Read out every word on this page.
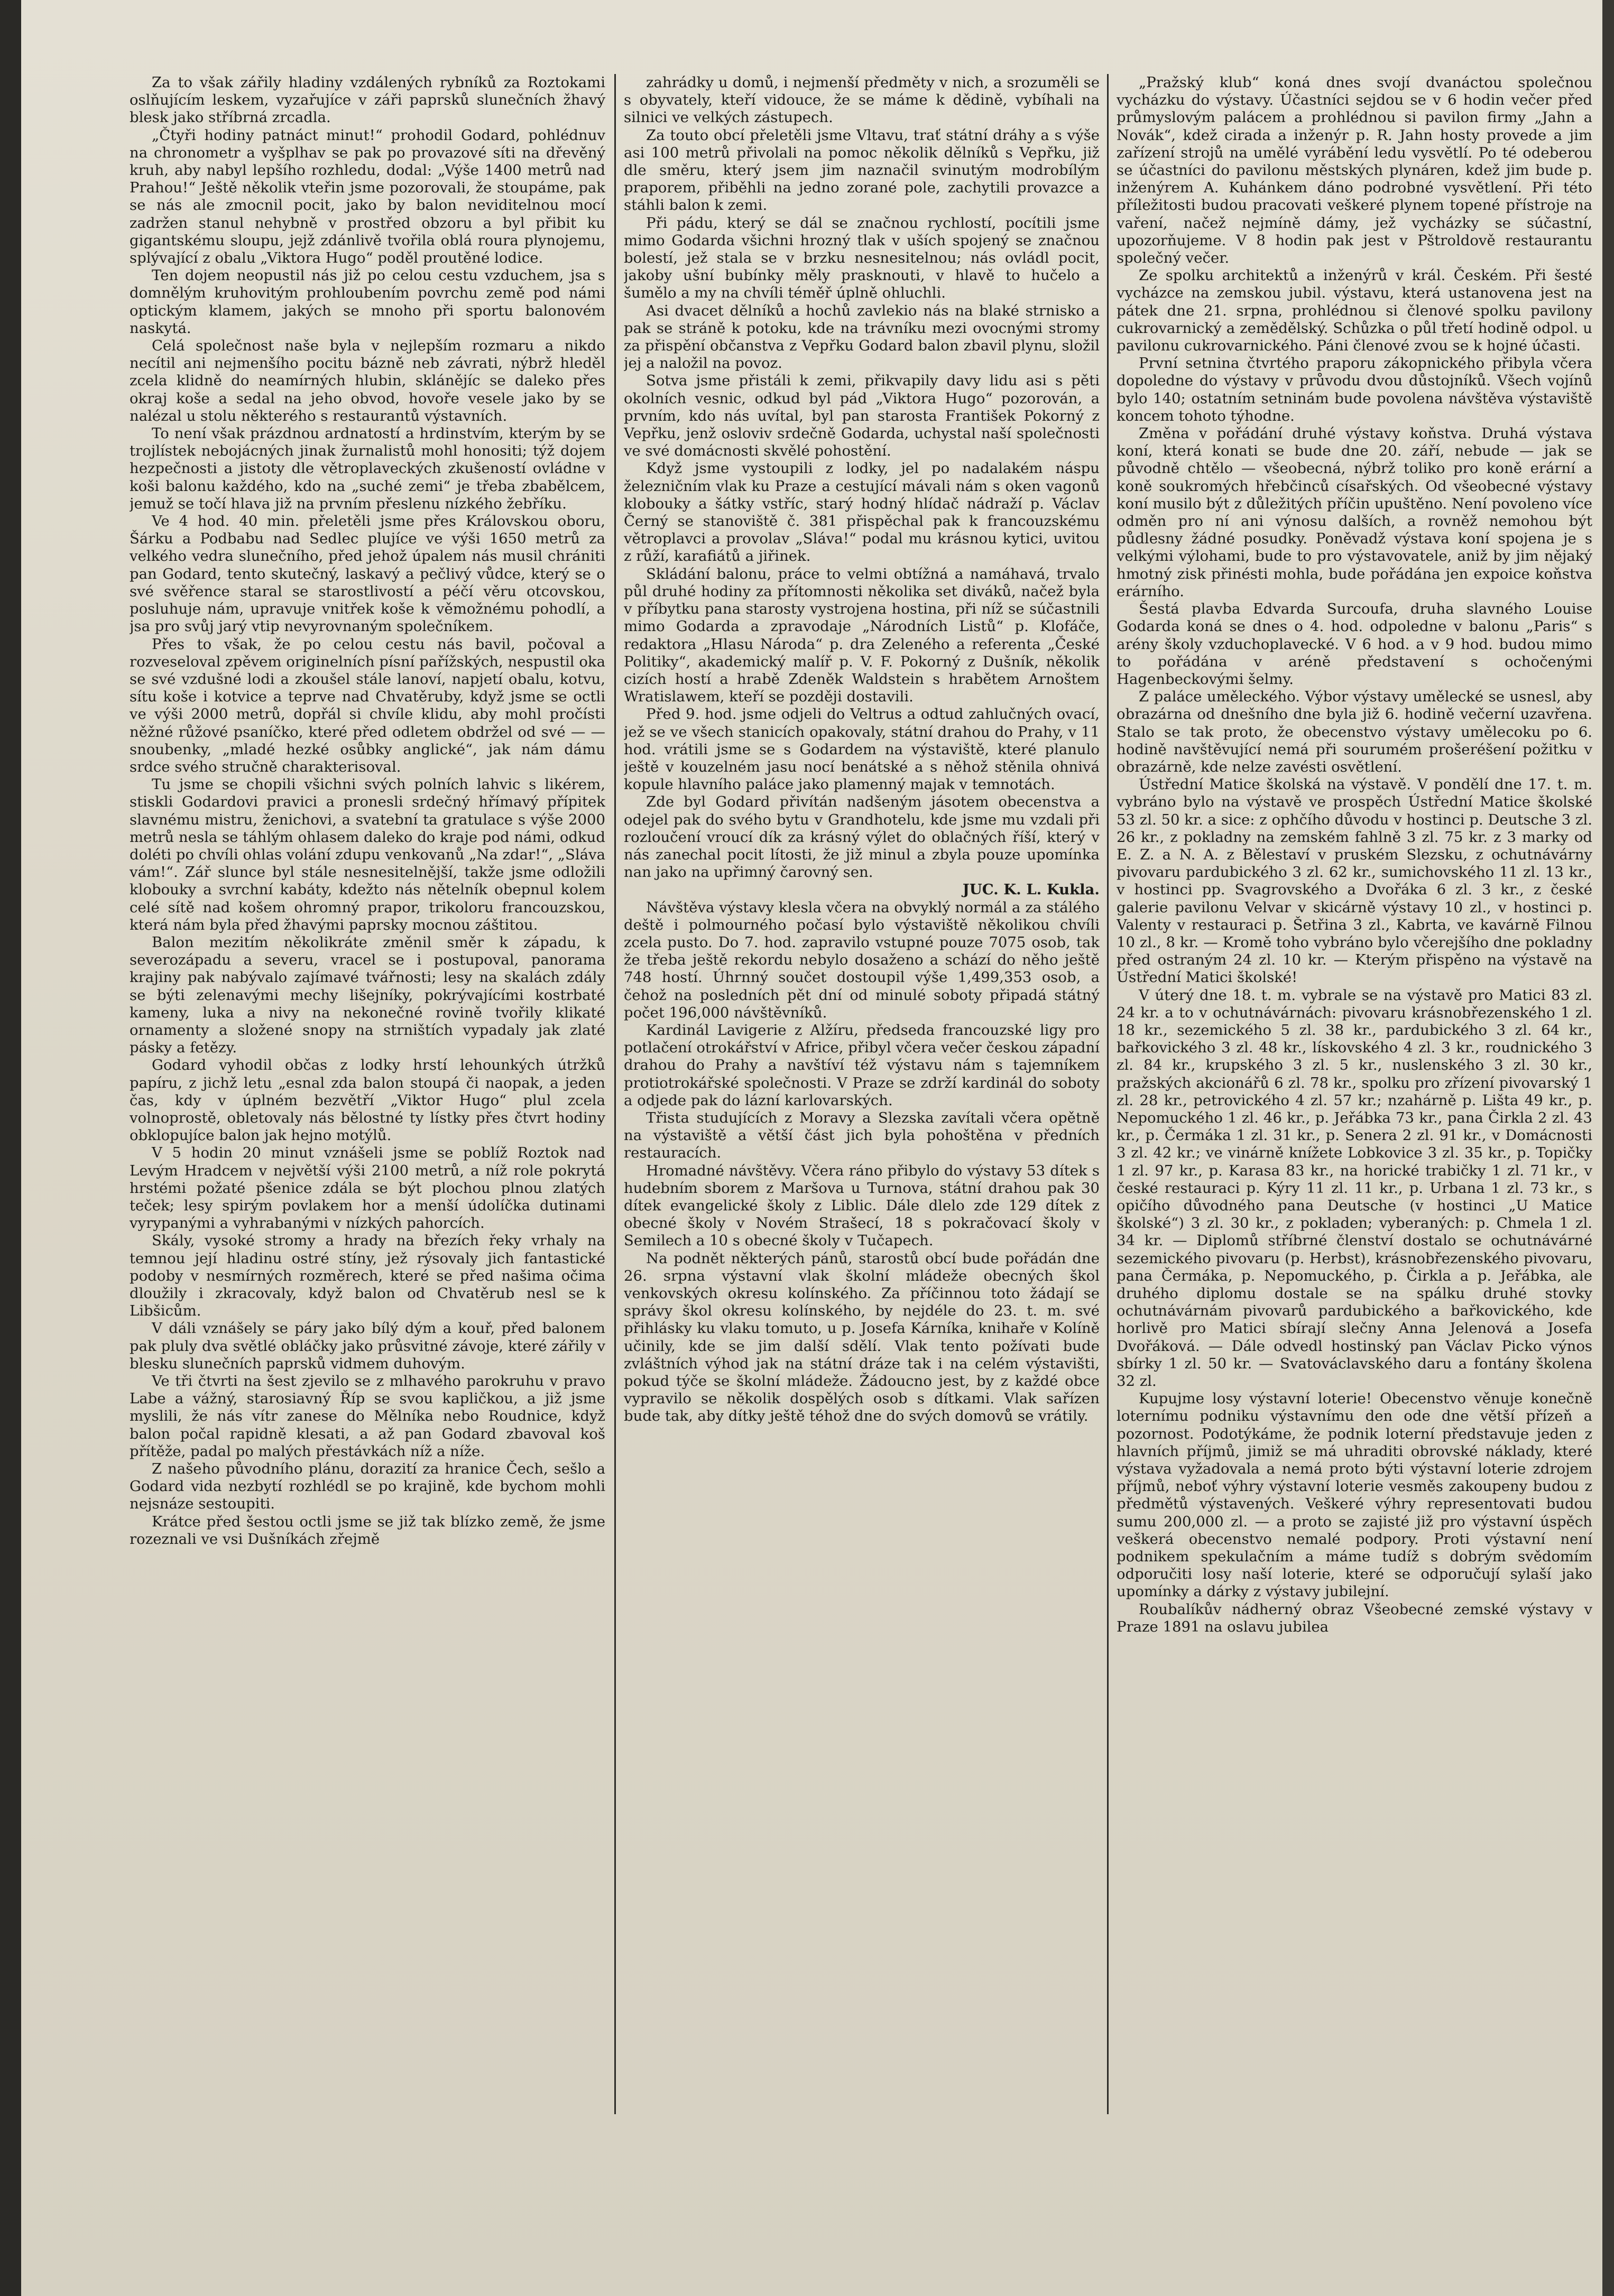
Za to však zářily hladiny vzdálených rybníků za Roztokami oslňujícím leskem, vyzařujíce v záři paprsků slunečních žhavý blesk jako stříbrná zrcadla.

„Čtyři hodiny patnáct minut!“ prohodil Godard, pohlédnuv na chronometr a vyšplhav se pak po provazové síti na dřevěný kruh, aby nabyl lepšího rozhledu, dodal: „Výše 1400 metrů nad Prahou!“ Ještě několik vteřin jsme pozorovali, že stoupáme, pak se nás ale zmocnil pocit, jako by balon neviditelnou mocí zadržen stanul nehybně v prostřed obzoru a byl přibit ku gigantskému sloupu, jejž zdánlivě tvořila oblá roura plynojemu, splývající z obalu „Viktora Hugo“ poděl proutěné lodice.

Ten dojem neopustil nás již po celou cestu vzduchem, jsa s domnělým kruhovitým prohloubením povrchu země pod námi optickým klamem, jakých se mnoho při sportu balonovém naskytá.

Celá společnost naše byla v nejlepším rozmaru a nikdo necítil ani nejmenšího pocitu bázně neb závrati, nýbrž hleděl zcela klidně do neamírných hlubin, sklánějíc se daleko přes okraj koše a sedal na jeho obvod, hovoře vesele jako by se nalézal u stolu některého s restaurantů výstavních.

To není však prázdnou ardnatostí a hrdinstvím, kterým by se trojlístek nebojácných jinak žurnalistů mohl honositi; týž dojem hezpečnosti a jistoty dle větroplaveckých zkušeností ovládne v koši balonu každého, kdo na „suché zemi“ je třeba zbabělcem, jemuž se točí hlava již na prvním přeslenu nízkého žebříku.

Ve 4 hod. 40 min. přeletěli jsme přes Královskou oboru, Šárku a Podbabu nad Sedlec plujíce ve výši 1650 metrů za velkého vedra slunečního, před jehož úpalem nás musil chrániti pan Godard, tento skutečný, laskavý a pečlivý vůdce, který se o své svěřence staral se starostlivostí a péčí věru otcovskou, posluhuje nám, upravuje vnitřek koše k věmožnému pohodlí, a jsa pro svůj jarý vtip nevyrovnaným společníkem.

Přes to však, že po celou cestu nás bavil, počoval a rozveseloval zpěvem originelních písní pařížských, nespustil oka se své vzdušné lodi a zkoušel stále lanoví, napjetí obalu, kotvu, sítu koše i kotvice a teprve nad Chvatěruby, když jsme se octli ve výši 2000 metrů, dopřál si chvíle klidu, aby mohl pročísti něžné růžové psaníčko, které před odletem obdržel od své — — snoubenky, „mladé hezké osůbky anglické“, jak nám dámu srdce svého stručně charakterisoval.

Tu jsme se chopili všichni svých polních lahvic s likérem, stiskli Godardovi pravici a pronesli srdečný hřímavý přípitek slavnému mistru, ženichovi, a svatební ta gratulace s výše 2000 metrů nesla se táhlým ohlasem daleko do kraje pod námi, odkud doléti po chvíli ohlas volání zdupu venkovanů „Na zdar!“, „Sláva vám!“. Zář slunce byl stále nesnesitelnější, takže jsme odložili klobouky a svrchní kabáty, kdežto nás nětelník obepnul kolem celé sítě nad košem ohromný prapor, trikoloru francouzskou, která nám byla před žhavými paprsky mocnou záštitou.

Balon mezitím několikráte změnil směr k západu, k severozápadu a severu, vracel se i postupoval, panorama krajiny pak nabývalo zajímavé tvářnosti; lesy na skalách zdály se býti zelenavými mechy lišejníky, pokrývajícími kostrbaté kameny, luka a nivy na nekonečné rovině tvořily klikaté ornamenty a složené snopy na strništích vypadaly jak zlaté pásky a fetězy.

Godard vyhodil občas z lodky hrstí lehounkých útržků papíru, z jichž letu „esnal zda balon stoupá či naopak, a jeden čas, kdy v úplném bezvětří „Viktor Hugo“ plul zcela volnoprostě, obletovaly nás bělostné ty lístky přes čtvrt hodiny obklopujíce balon jak hejno motýlů.

V 5 hodin 20 minut vznášeli jsme se poblíž Roztok nad Levým Hradcem v největší výši 2100 metrů, a níž role pokrytá hrstémi požaté pšenice zdála se být plochou plnou zlatých teček; lesy spirým povlakem hor a menší údolíčka dutinami vyrypanými a vyhrabanými v nízkých pahorcích.

Skály, vysoké stromy a hrady na březích řeky vrhaly na temnou její hladinu ostré stíny, jež rýsovaly jich fantastické podoby v nesmírných rozměrech, které se před našima očima dloužily i zkracovaly, když balon od Chvatěrub nesl se k Libšicům.

V dáli vznášely se páry jako bílý dým a kouř, před balonem pak pluly dva světlé obláčky jako průsvitné závoje, které zářily v blesku slunečních paprsků vidmem duhovým.

Ve tři čtvrti na šest zjevilo se z mlhavého parokruhu v pravo Labe a vážný, starosiavný Říp se svou kapličkou, a již jsme myslili, že nás vítr zanese do Mělníka nebo Roudnice, když balon počal rapidně klesati, a až pan Godard zbavoval koš přítěže, padal po malých přestávkách níž a níže.

Z našeho původního plánu, dorazití za hranice Čech, sešlo a Godard vida nezbytí rozhlédl se po krajině, kde bychom mohli nejsnáze sestoupiti.

Krátce před šestou octli jsme se již tak blízko země, že jsme rozeznali ve vsi Dušníkách zřejmě

zahrádky u domů, i nejmenší předměty v nich, a srozuměli se s obyvately, kteří vidouce, že se máme k dědině, vybíhali na silnici ve velkých zástupech.

Za touto obcí přeletěli jsme Vltavu, trať státní dráhy a s výše asi 100 metrů přivolali na pomoc několik dělníků s Vepřku, již dle směru, který jsem jim naznačil svinutým modrobílým praporem, přiběhli na jedno zorané pole, zachytili provazce a stáhli balon k zemi.

Při pádu, který se dál se značnou rychlostí, pocítili jsme mimo Godarda všichni hrozný tlak v uších spojený se značnou bolestí, jež stala se v brzku nesnesitelnou; nás ovládl pocit, jakoby ušní bubínky měly prasknouti, v hlavě to hučelo a šumělo a my na chvíli téměř úplně ohluchli.

Asi dvacet dělníků a hochů zavlekio nás na blaké strnisko a pak se stráně k potoku, kde na trávníku mezi ovocnými stromy za přispění občanstva z Vepřku Godard balon zbavil plynu, složil jej a naložil na povoz.

Sotva jsme přistáli k zemi, přikvapily davy lidu asi s pěti okolních vesnic, odkud byl pád „Viktora Hugo“ pozorován, a prvním, kdo nás uvítal, byl pan starosta František Pokorný z Vepřku, jenž osloviv srdečně Godarda, uchystal naší společnosti ve své domácnosti skvělé pohostění.

Když jsme vystoupili z lodky, jel po nadalakém náspu železničním vlak ku Praze a cestující mávali nám s oken vagonů klobouky a šátky vstříc, starý hodný hlídač nádraží p. Václav Černý se stanoviště č. 381 přispěchal pak k francouzskému větroplavci a provolav „Sláva!“ podal mu krásnou kytici, uvitou z růží, karafiátů a jiřinek.

Skládání balonu, práce to velmi obtížná a namáhavá, trvalo půl druhé hodiny za přítomnosti několika set diváků, načež byla v příbytku pana starosty vystrojena hostina, při níž se súčastnili mimo Godarda a zpravodaje „Národních Listů“ p. Klofáče, redaktora „Hlasu Národa“ p. dra Zeleného a referenta „České Politiky“, akademický malíř p. V. F. Pokorný z Dušník, několik cizích hostí a hrabě Zdeněk Waldstein s hrabětem Arnoštem Wratislawem, kteří se později dostavili.

Před 9. hod. jsme odjeli do Veltrus a odtud zahlučných ovací, jež se ve všech stanicích opakovaly, státní drahou do Prahy, v 11 hod. vrátili jsme se s Godardem na výstaviště, které planulo ještě v kouzelném jasu nocí benátské a s něhož stěnila ohnivá kopule hlavního paláce jako plamenný majak v temnotách.

Zde byl Godard přivítán nadšeným jásotem obecenstva a odejel pak do svého bytu v Grandhotelu, kde jsme mu vzdali při rozloučení vroucí dík za krásný výlet do oblačných říší, který v nás zanechal pocit lítosti, že již minul a zbyla pouze upomínka nan jako na upřimný čarovný sen.

JUC. K. L. Kukla.

Návštěva výstavy klesla včera na obvyklý normál a za stálého deště i polmourného počasí bylo výstaviště několikou chvíli zcela pusto. Do 7. hod. zapravilo vstupné pouze 7075 osob, tak že třeba ještě rekordu nebylo dosaženo a schází do něho ještě 748 hostí. Úhrnný součet dostoupil výše 1,499,353 osob, a čehož na posledních pět dní od minulé soboty připadá státný počet 196,000 návštěvníků.

Kardinál Lavigerie z Alžíru, předseda francouzské ligy pro potlačení otrokářství v Africe, přibyl včera večer českou západní drahou do Prahy a navštíví též výstavu nám s tajemníkem protiotrokářské společnosti. V Praze se zdrží kardinál do soboty a odjede pak do lázní karlovarských.

Třista studujících z Moravy a Slezska zavítali včera opětně na výstaviště a větší část jich byla pohoštěna v předních restauracích.

Hromadné návštěvy. Včera ráno přibylo do výstavy 53 dítek s hudebním sborem z Maršova u Turnova, státní drahou pak 30 dítek evangelické školy z Liblic. Dále dlelo zde 129 dítek z obecné školy v Novém Strašecí, 18 s pokračovací školy v Semilech a 10 s obecné školy v Tučapech.

Na podnět některých pánů, starostů obcí bude pořádán dne 26. srpna výstavní vlak školní mládeže obecných škol venkovských okresu kolínského. Za příčinnou toto žádají se správy škol okresu kolínského, by nejdéle do 23. t. m. své přihlásky ku vlaku tomuto, u p. Josefa Kárníka, knihaře v Kolíně učinily, kde se jim další sdělí. Vlak tento požívati bude zvláštních výhod jak na státní dráze tak i na celém výstavišti, pokud týče se školní mládeže. Žádoucno jest, by z každé obce vypravilo se několik dospělých osob s dítkami. Vlak sařízen bude tak, aby dítky ještě téhož dne do svých domovů se vrátily.

„Pražský klub“ koná dnes svojí dvanáctou společnou vycházku do výstavy. Účastníci sejdou se v 6 hodin večer před průmyslovým palácem a prohlédnou si pavilon firmy „Jahn a Novák“, kdež cirada a inženýr p. R. Jahn hosty provede a jim zařízení strojů na umělé vyrábění ledu vysvětlí. Po té odeberou se účastníci do pavilonu městských plynáren, kdež jim bude p. inženýrem A. Kuhánkem dáno podrobné vysvětlení. Při této příležitosti budou pracovati veškeré plynem topené přístroje na vaření, načež nejmíně dámy, jež vycházky se súčastní, upozorňujeme. V 8 hodin pak jest v Pštroldově restaurantu společný večer.

Ze spolku architektů a inženýrů v král. Českém. Při šesté vycházce na zemskou jubil. výstavu, která ustanovena jest na pátek dne 21. srpna, prohlédnou si členové spolku pavilony cukrovarnický a zemědělský. Schůzka o půl třetí hodině odpol. u pavilonu cukrovarnického. Páni členové zvou se k hojné účasti.

První setnina čtvrtého praporu zákopnického přibyla včera dopoledne do výstavy v průvodu dvou důstojníků. Všech vojínů bylo 140; ostatním setninám bude povolena návštěva výstaviště koncem tohoto týhodne.

Změna v pořádání druhé výstavy koňstva. Druhá výstava koní, která konati se bude dne 20. září, nebude — jak se původně chtělo — všeobecná, nýbrž toliko pro koně erární a koně soukromých hřebčinců císařských. Od všeobecné výstavy koní musilo být z důležitých příčin upuštěno. Není povoleno více odměn pro ní ani výnosu dalších, a rovněž nemohou být půdlesny žádné posudky. Poněvadž výstava koní spojena je s velkými výlohami, bude to pro výstavovatele, aniž by jim nějaký hmotný zisk přinésti mohla, bude pořádána jen expoice koňstva erárního.

Šestá plavba Edvarda Surcoufa, druha slavného Louise Godarda koná se dnes o 4. hod. odpoledne v balonu „Paris“ s arény školy vzduchoplavecké. V 6 hod. a v 9 hod. budou mimo to pořádána v aréně představení s ochočenými Hagenbeckovými šelmy.

Z paláce uměleckého. Výbor výstavy umělecké se usnesl, aby obrazárna od dnešního dne byla již 6. hodině večerní uzavřena. Stalo se tak proto, že obecenstvo výstavy umělecoku po 6. hodině navštěvující nemá při sourumém prošeréšení požitku v obrazárně, kde nelze zavésti osvětlení.

Ústřední Matice školská na výstavě. V pondělí dne 17. t. m. vybráno bylo na výstavě ve prospěch Ústřední Matice školské 53 zl. 50 kr. a sice: z ophčího důvodu v hostinci p. Deutsche 3 zl. 26 kr., z pokladny na zemském fahlně 3 zl. 75 kr. z 3 marky od E. Z. a N. A. z Bělestaví v pruském Slezsku, z ochutnávárny pivovaru pardubického 3 zl. 62 kr., sumichovského 11 zl. 13 kr., v hostinci pp. Svagrovského a Dvořáka 6 zl. 3 kr., z české galerie pavilonu Velvar v skicárně výstavy 10 zl., v hostinci p. Valenty v restauraci p. Šetřina 3 zl., Kabrta, ve kavárně Filnou 10 zl., 8 kr. — Kromě toho vybráno bylo včerejšího dne pokladny před ostraným 24 zl. 10 kr. — Kterým přispěno na výstavě na Ústřední Matici školské!

V úterý dne 18. t. m. vybrale se na výstavě pro Matici 83 zl. 24 kr. a to v ochutnávárnách: pivovaru krásnobřezenského 1 zl. 18 kr., sezemického 5 zl. 38 kr., pardubického 3 zl. 64 kr., bařkovického 3 zl. 48 kr., lískovského 4 zl. 3 kr., roudnického 3 zl. 84 kr., krupského 3 zl. 5 kr., nuslenského 3 zl. 30 kr., pražských akcionářů 6 zl. 78 kr., spolku pro zřízení pivovarský 1 zl. 28 kr., petrovického 4 zl. 57 kr.; nzahárně p. Lišta 49 kr., p. Nepomuckého 1 zl. 46 kr., p. Jeřábka 73 kr., pana Čirkla 2 zl. 43 kr., p. Čermáka 1 zl. 31 kr., p. Senera 2 zl. 91 kr., v Domácnosti 3 zl. 42 kr.; ve vinárně knížete Lobkovice 3 zl. 35 kr., p. Topičky 1 zl. 97 kr., p. Karasa 83 kr., na horické trabičky 1 zl. 71 kr., v české restauraci p. Kýry 11 zl. 11 kr., p. Urbana 1 zl. 73 kr., s opičího důvodného pana Deutsche (v hostinci „U Matice školské“) 3 zl. 30 kr., z pokladen; vyberaných: p. Chmela 1 zl. 34 kr. — Diplomů stříbrné členství dostalo se ochutnávárné sezemického pivovaru (p. Herbst), krásnobřezenského pivovaru, pana Čermáka, p. Nepomuckého, p. Čirkla a p. Jeřábka, ale druhého diplomu dostale se na spálku druhé stovky ochutnávárnám pivovarů pardubického a bařkovického, kde horlivě pro Matici sbírají slečny Anna Jelenová a Josefa Dvořáková. — Dále odvedl hostinský pan Václav Picko výnos sbírky 1 zl. 50 kr. — Svatováclavského daru a fontány školena 32 zl.

Kupujme losy výstavní loterie! Obecenstvo věnuje konečně loternímu podniku výstavnímu den ode dne větší přízeň a pozornost. Podotýkáme, že podnik loterní představuje jeden z hlavních příjmů, jimiž se má uhraditi obrovské náklady, které výstava vyžadovala a nemá proto býti výstavní loterie zdrojem příjmů, neboť výhry výstavní loterie vesměs zakoupeny budou z předmětů výstavených. Veškeré výhry representovati budou sumu 200,000 zl. — a proto se zajisté již pro výstavní úspěch veškerá obecenstvo nemalé podpory. Proti výstavní není podnikem spekulačním a máme tudíž s dobrým svědomím odporučiti losy naší loterie, které se odporučují sylaší jako upomínky a dárky z výstavy jubilejní.

Roubalíkův nádherný obraz Všeobecné zemské výstavy v Praze 1891 na oslavu jubilea
